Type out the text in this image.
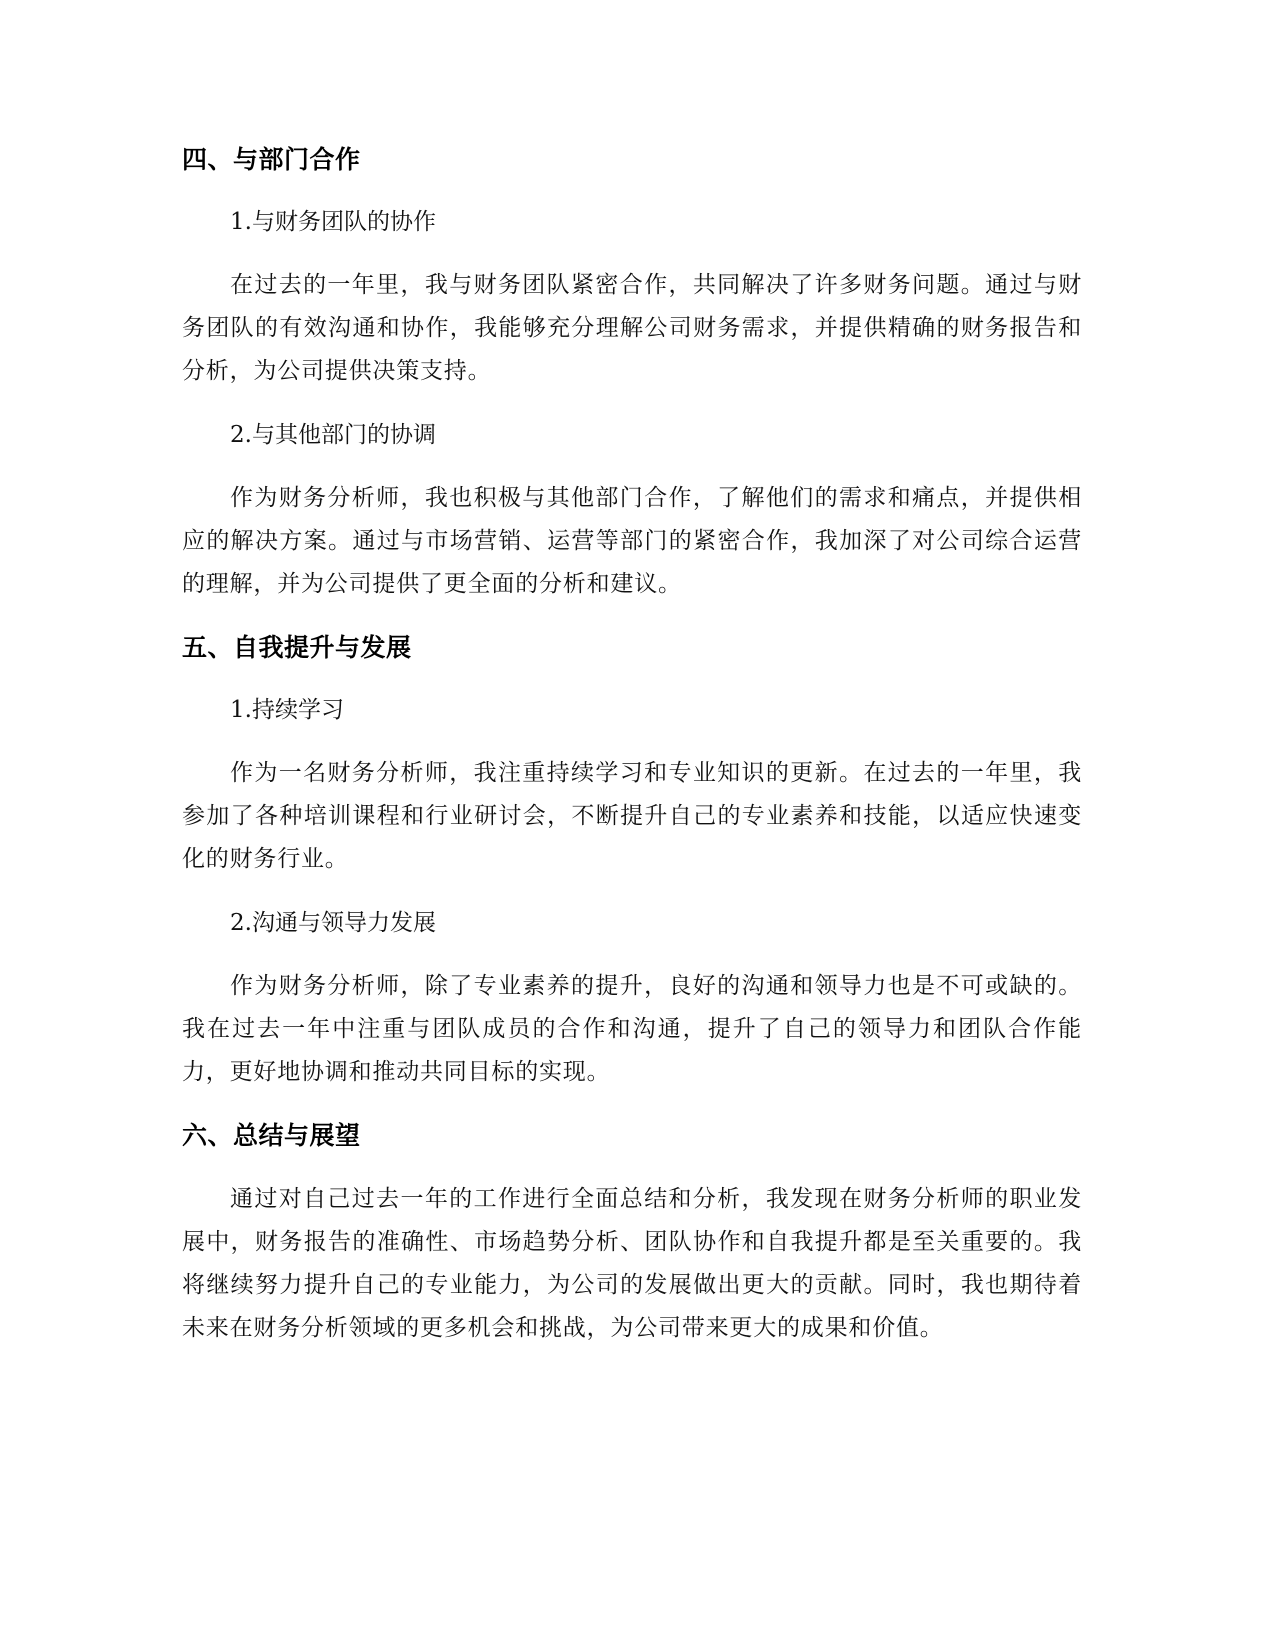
四、与部门合作
1.与财务团队的协作

在过去的一年里，我与财务团队紧密合作，共同解决了许多财务问题。通过与财务团队的有效沟通和协作，我能够充分理解公司财务需求，并提供精确的财务报告和分析，为公司提供决策支持。

2.与其他部门的协调

作为财务分析师，我也积极与其他部门合作，了解他们的需求和痛点，并提供相应的解决方案。通过与市场营销、运营等部门的紧密合作，我加深了对公司综合运营的理解，并为公司提供了更全面的分析和建议。

五、自我提升与发展
1.持续学习

作为一名财务分析师，我注重持续学习和专业知识的更新。在过去的一年里，我参加了各种培训课程和行业研讨会，不断提升自己的专业素养和技能，以适应快速变化的财务行业。

2.沟通与领导力发展

作为财务分析师，除了专业素养的提升，良好的沟通和领导力也是不可或缺的。我在过去一年中注重与团队成员的合作和沟通，提升了自己的领导力和团队合作能力，更好地协调和推动共同目标的实现。

六、总结与展望

通过对自己过去一年的工作进行全面总结和分析，我发现在财务分析师的职业发展中，财务报告的准确性、市场趋势分析、团队协作和自我提升都是至关重要的。我将继续努力提升自己的专业能力，为公司的发展做出更大的贡献。同时，我也期待着未来在财务分析领域的更多机会和挑战，为公司带来更大的成果和价值。
